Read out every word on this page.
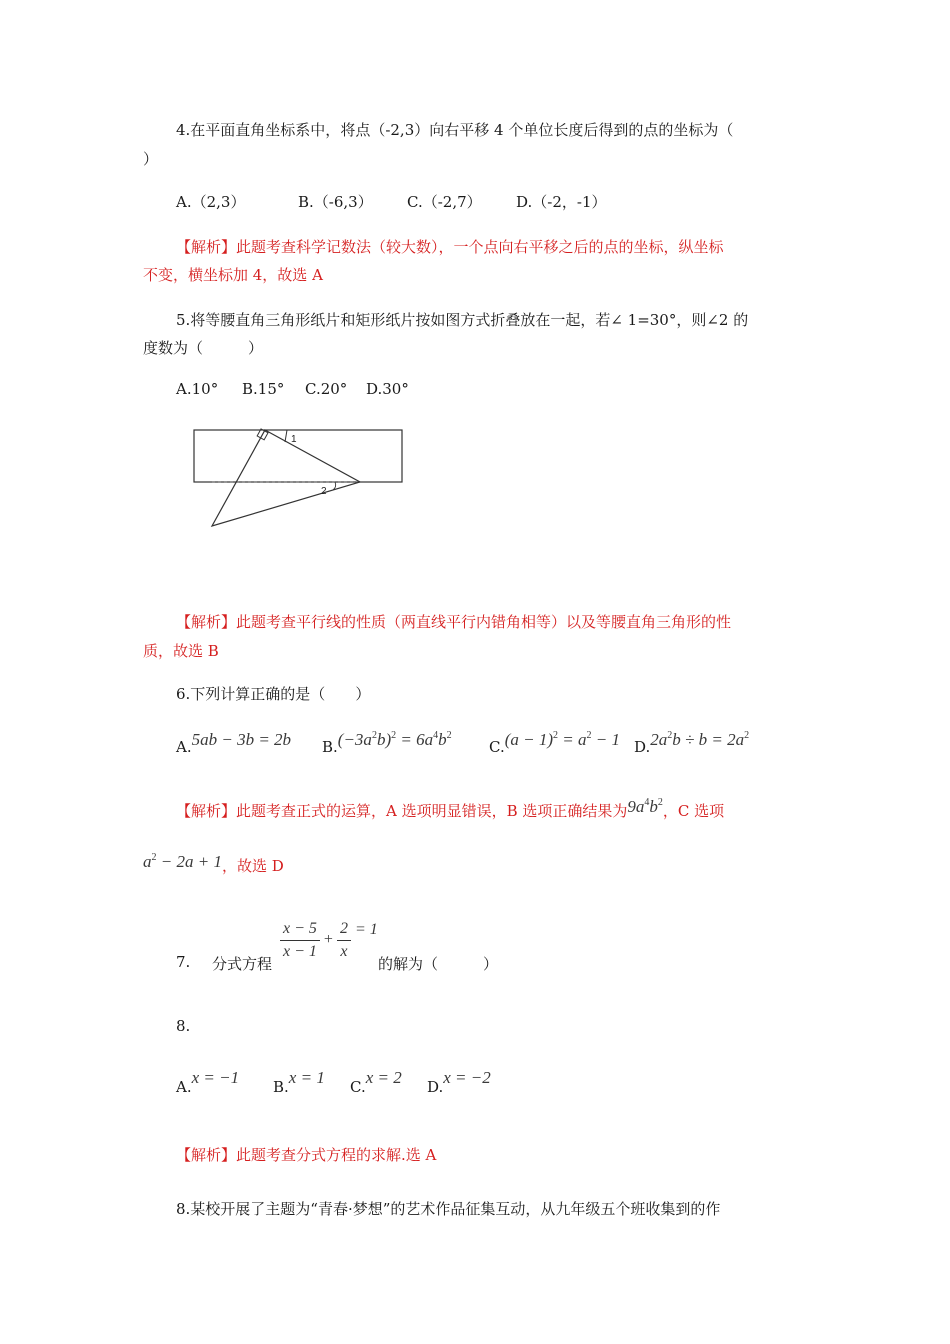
4.在平面直角坐标系中，将点（-2,3）向右平移 4 个单位长度后得到的点的坐标为（
）
A.（2,3）	B.（-6,3） C.（-2,7） D.（-2，-1）
【解析】此题考查科学记数法（较大数），一个点向右平移之后的点的坐标，纵坐标
不变，横坐标加 4，故选 A
5.将等腰直角三角形纸片和矩形纸片按如图方式折叠放在一起，若∠ 1=30°，则∠2 的
度数为（　　　）
A.10° B.15° C.20° D.30°
1
2
【解析】此题考查平行线的性质（两直线平行内错角相等）以及等腰直角三角形的性
质，故选 B
6.下列计算正确的是（　　）
A.5ab − 3b = 2b $B.(-3a^2b)^2 = 6a^4b^2$
$C.(a - 1)^2 = a^2 - 1$ $D.2a^2b \div b = 2a^2$
【解析】此题考查正式的运算，A 选项明显错误，B 选项正确结果为$9a^4b^2$，C 选项
$a^2 - 2a + 1$，故选 D
7. 分式方程
$\frac{x - 5}{x - 1} + \frac{2}{x} = 1$
的解为（　　　）
8.
A.x = −1 B.x = 1 C.x = 2 D.x = −2
【解析】此题考查分式方程的求解.选 A
8.某校开展了主题为“青春·梦想”的艺术作品征集互动，从九年级五个班收集到的作
